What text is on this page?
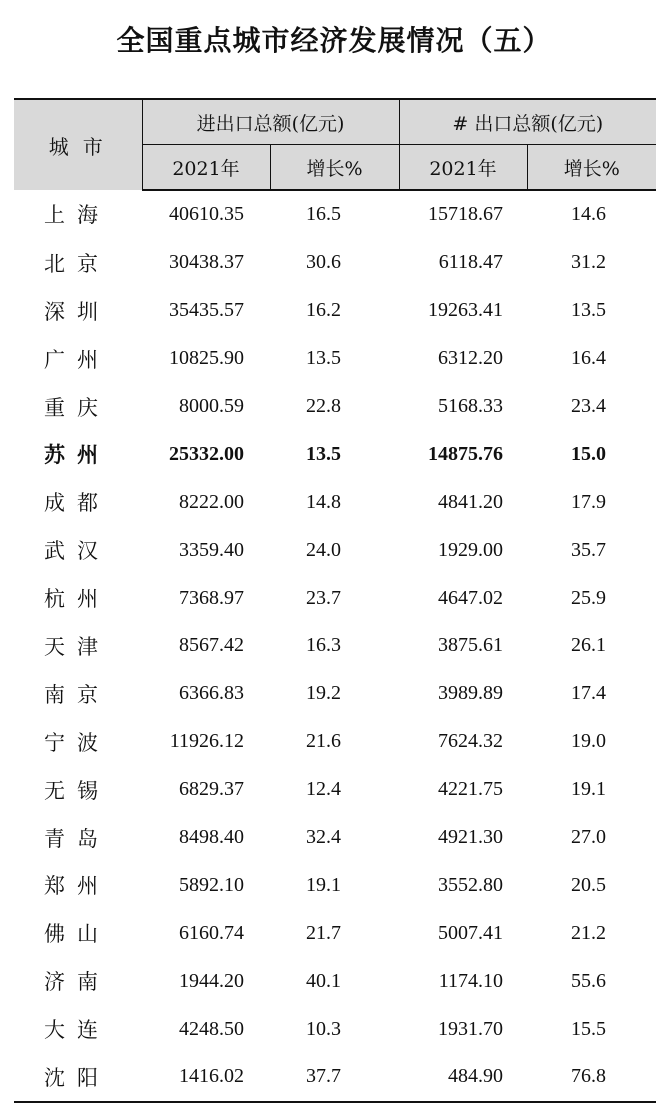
全国重点城市经济发展情况（五）
城市	进出口总额(亿元)		# 出口总额(亿元)	
	2021年	增长%	2021年	增长%
上海	40610.35	16.5	15718.67	14.6
北京	30438.37	30.6	6118.47	31.2
深圳	35435.57	16.2	19263.41	13.5
广州	10825.90	13.5	6312.20	16.4
重庆	8000.59	22.8	5168.33	23.4
苏州	25332.00	13.5	14875.76	15.0
成都	8222.00	14.8	4841.20	17.9
武汉	3359.40	24.0	1929.00	35.7
杭州	7368.97	23.7	4647.02	25.9
天津	8567.42	16.3	3875.61	26.1
南京	6366.83	19.2	3989.89	17.4
宁波	11926.12	21.6	7624.32	19.0
无锡	6829.37	12.4	4221.75	19.1
青岛	8498.40	32.4	4921.30	27.0
郑州	5892.10	19.1	3552.80	20.5
佛山	6160.74	21.7	5007.41	21.2
济南	1944.20	40.1	1174.10	55.6
大连	4248.50	10.3	1931.70	15.5
沈阳	1416.02	37.7	484.90	76.8
